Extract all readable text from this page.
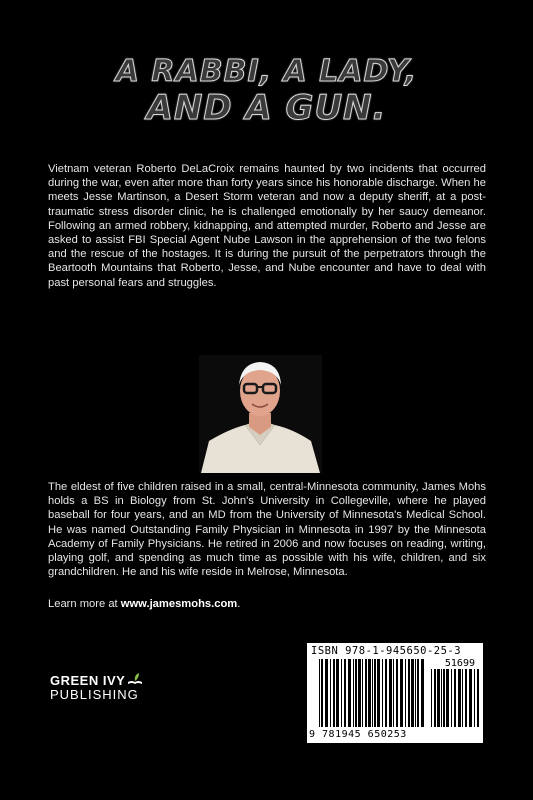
A RABBI, A LADY,
AND A GUN.
Vietnam veteran Roberto DeLaCroix remains haunted by two incidents that occurred during the war, even after more than forty years since his honorable discharge. When he meets Jesse Martinson, a Desert Storm veteran and now a deputy sheriff, at a post-traumatic stress disorder clinic, he is challenged emotionally by her saucy demeanor. Following an armed robbery, kidnapping, and attempted murder, Roberto and Jesse are asked to assist FBI Special Agent Nube Lawson in the apprehension of the two felons and the rescue of the hostages. It is during the pursuit of the perpetrators through the Beartooth Mountains that Roberto, Jesse, and Nube encounter and have to deal with past personal fears and struggles.
The eldest of five children raised in a small, central-Minnesota community, James Mohs holds a BS in Biology from St. John's University in Collegeville, where he played baseball for four years, and an MD from the University of Minnesota's Medical School. He was named Outstanding Family Physician in Minnesota in 1997 by the Minnesota Academy of Family Physicians. He retired in 2006 and now focuses on reading, writing, playing golf, and spending as much time as possible with his wife, children, and six grandchildren. He and his wife reside in Melrose, Minnesota.
Learn more at www.jamesmohs.com.
GREEN IVY
PUBLISHING
ISBN 978-1-945650-25-3
51699
9 781945 650253
